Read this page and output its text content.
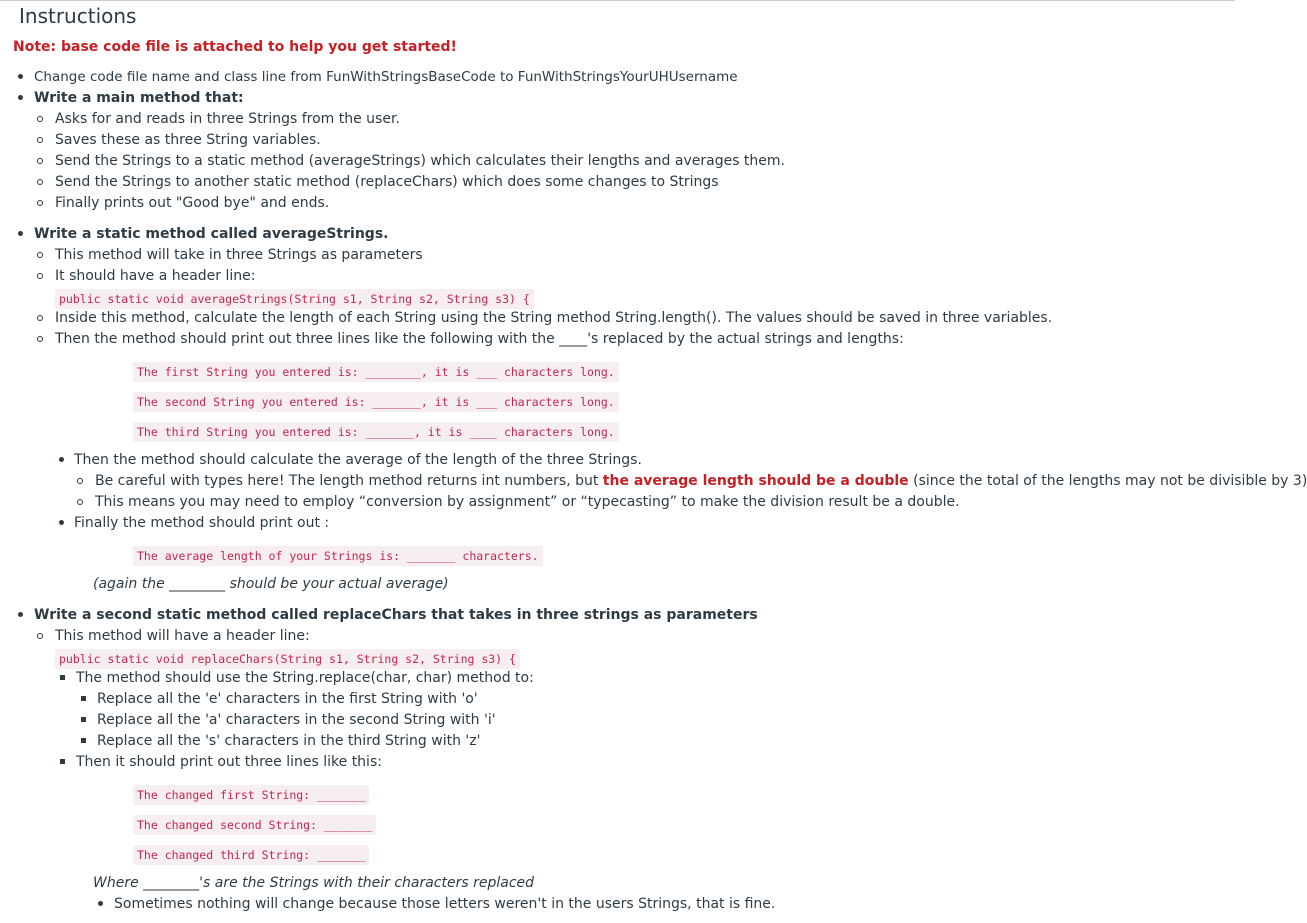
Instructions
Note: base code file is attached to help you get started!
Change code file name and class line from FunWithStringsBaseCode to FunWithStringsYourUHUsername
Write a main method that:
Asks for and reads in three Strings from the user.
Saves these as three String variables.
Send the Strings to a static method (averageStrings) which calculates their lengths and averages them.
Send the Strings to another static method (replaceChars) which does some changes to Strings
Finally prints out "Good bye" and ends.
Write a static method called averageStrings.
This method will take in three Strings as parameters
It should have a header line:
public static void averageStrings(String s1, String s2, String s3) {
Inside this method, calculate the length of each String using the String method String.length(). The values should be saved in three variables.
Then the method should print out three lines like the following with the ____'s replaced by the actual strings and lengths:
The first String you entered is: ________, it is ___ characters long.
The second String you entered is: _______, it is ___ characters long.
The third String you entered is: _______, it is ____ characters long.
Then the method should calculate the average of the length of the three Strings.
Be careful with types here! The length method returns int numbers, but the average length should be a double (since the total of the lengths may not be divisible by 3)
This means you may need to employ “conversion by assignment” or “typecasting” to make the division result be a double.
Finally the method should print out :
The average length of your Strings is: _______ characters.
(again the ________ should be your actual average)
Write a second static method called replaceChars that takes in three strings as parameters
This method will have a header line:
public static void replaceChars(String s1, String s2, String s3) {
The method should use the String.replace(char, char) method to:
Replace all the 'e' characters in the first String with 'o'
Replace all the 'a' characters in the second String with 'i'
Replace all the 's' characters in the third String with 'z'
Then it should print out three lines like this:
The changed first String: _______
The changed second String: _______
The changed third String: _______
Where ________'s are the Strings with their characters replaced
Sometimes nothing will change because those letters weren't in the users Strings, that is fine.
